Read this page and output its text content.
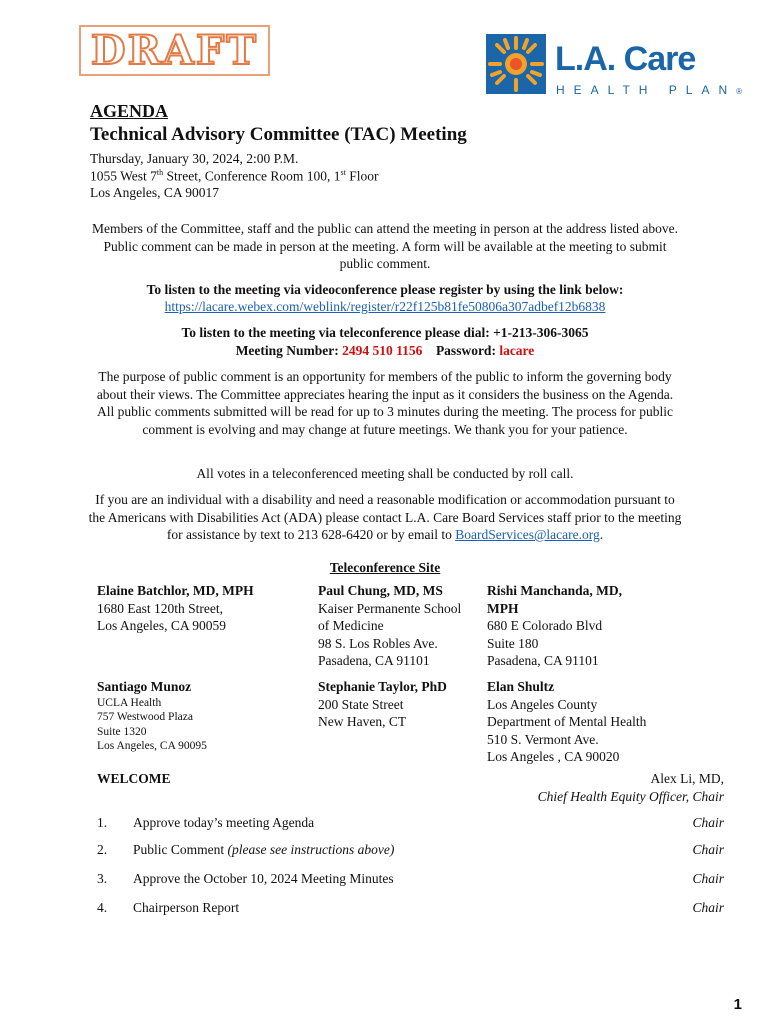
DRAFT	L.A. Care
HEALTH PLAN®
AGENDA
Technical Advisory Committee (TAC) Meeting
Thursday, January 30, 2024, 2:00 P.M.
1055 West 7th Street, Conference Room 100, 1st Floor
Los Angeles, CA 90017
Members of the Committee, staff and the public can attend the meeting in person at the address listed above. Public comment can be made in person at the meeting. A form will be available at the meeting to submit public comment.
To listen to the meeting via videoconference please register by using the link below:
https://lacare.webex.com/weblink/register/r22f125b81fe50806a307adbef12b6838
To listen to the meeting via teleconference please dial: +1-213-306-3065
Meeting Number: 2494 510 1156 Password: lacare
The purpose of public comment is an opportunity for members of the public to inform the governing body about their views. The Committee appreciates hearing the input as it considers the business on the Agenda. All public comments submitted will be read for up to 3 minutes during the meeting. The process for public comment is evolving and may change at future meetings. We thank you for your patience.
All votes in a teleconferenced meeting shall be conducted by roll call.
If you are an individual with a disability and need a reasonable modification or accommodation pursuant to the Americans with Disabilities Act (ADA) please contact L.A. Care Board Services staff prior to the meeting for assistance by text to 213 628-6420 or by email to BoardServices@lacare.org.
Teleconference Site
Elaine Batchlor, MD, MPH
1680 East 120th Street,
Los Angeles, CA 90059
Paul Chung, MD, MS
Kaiser Permanente School
of Medicine
98 S. Los Robles Ave.
Pasadena, CA 91101
Rishi Manchanda, MD,
MPH
680 E Colorado Blvd
Suite 180
Pasadena, CA 91101
Santiago Munoz
UCLA Health
757 Westwood Plaza
Suite 1320
Los Angeles, CA 90095
Stephanie Taylor, PhD
200 State Street
New Haven, CT
Elan Shultz
Los Angeles County
Department of Mental Health
510 S. Vermont Ave.
Los Angeles , CA 90020
WELCOME	Alex Li, MD,
Chief Health Equity Officer, Chair
1. Approve today’s meeting Agenda	Chair
2. Public Comment (please see instructions above)	Chair
3. Approve the October 10, 2024 Meeting Minutes	Chair
4. Chairperson Report	Chair
1
